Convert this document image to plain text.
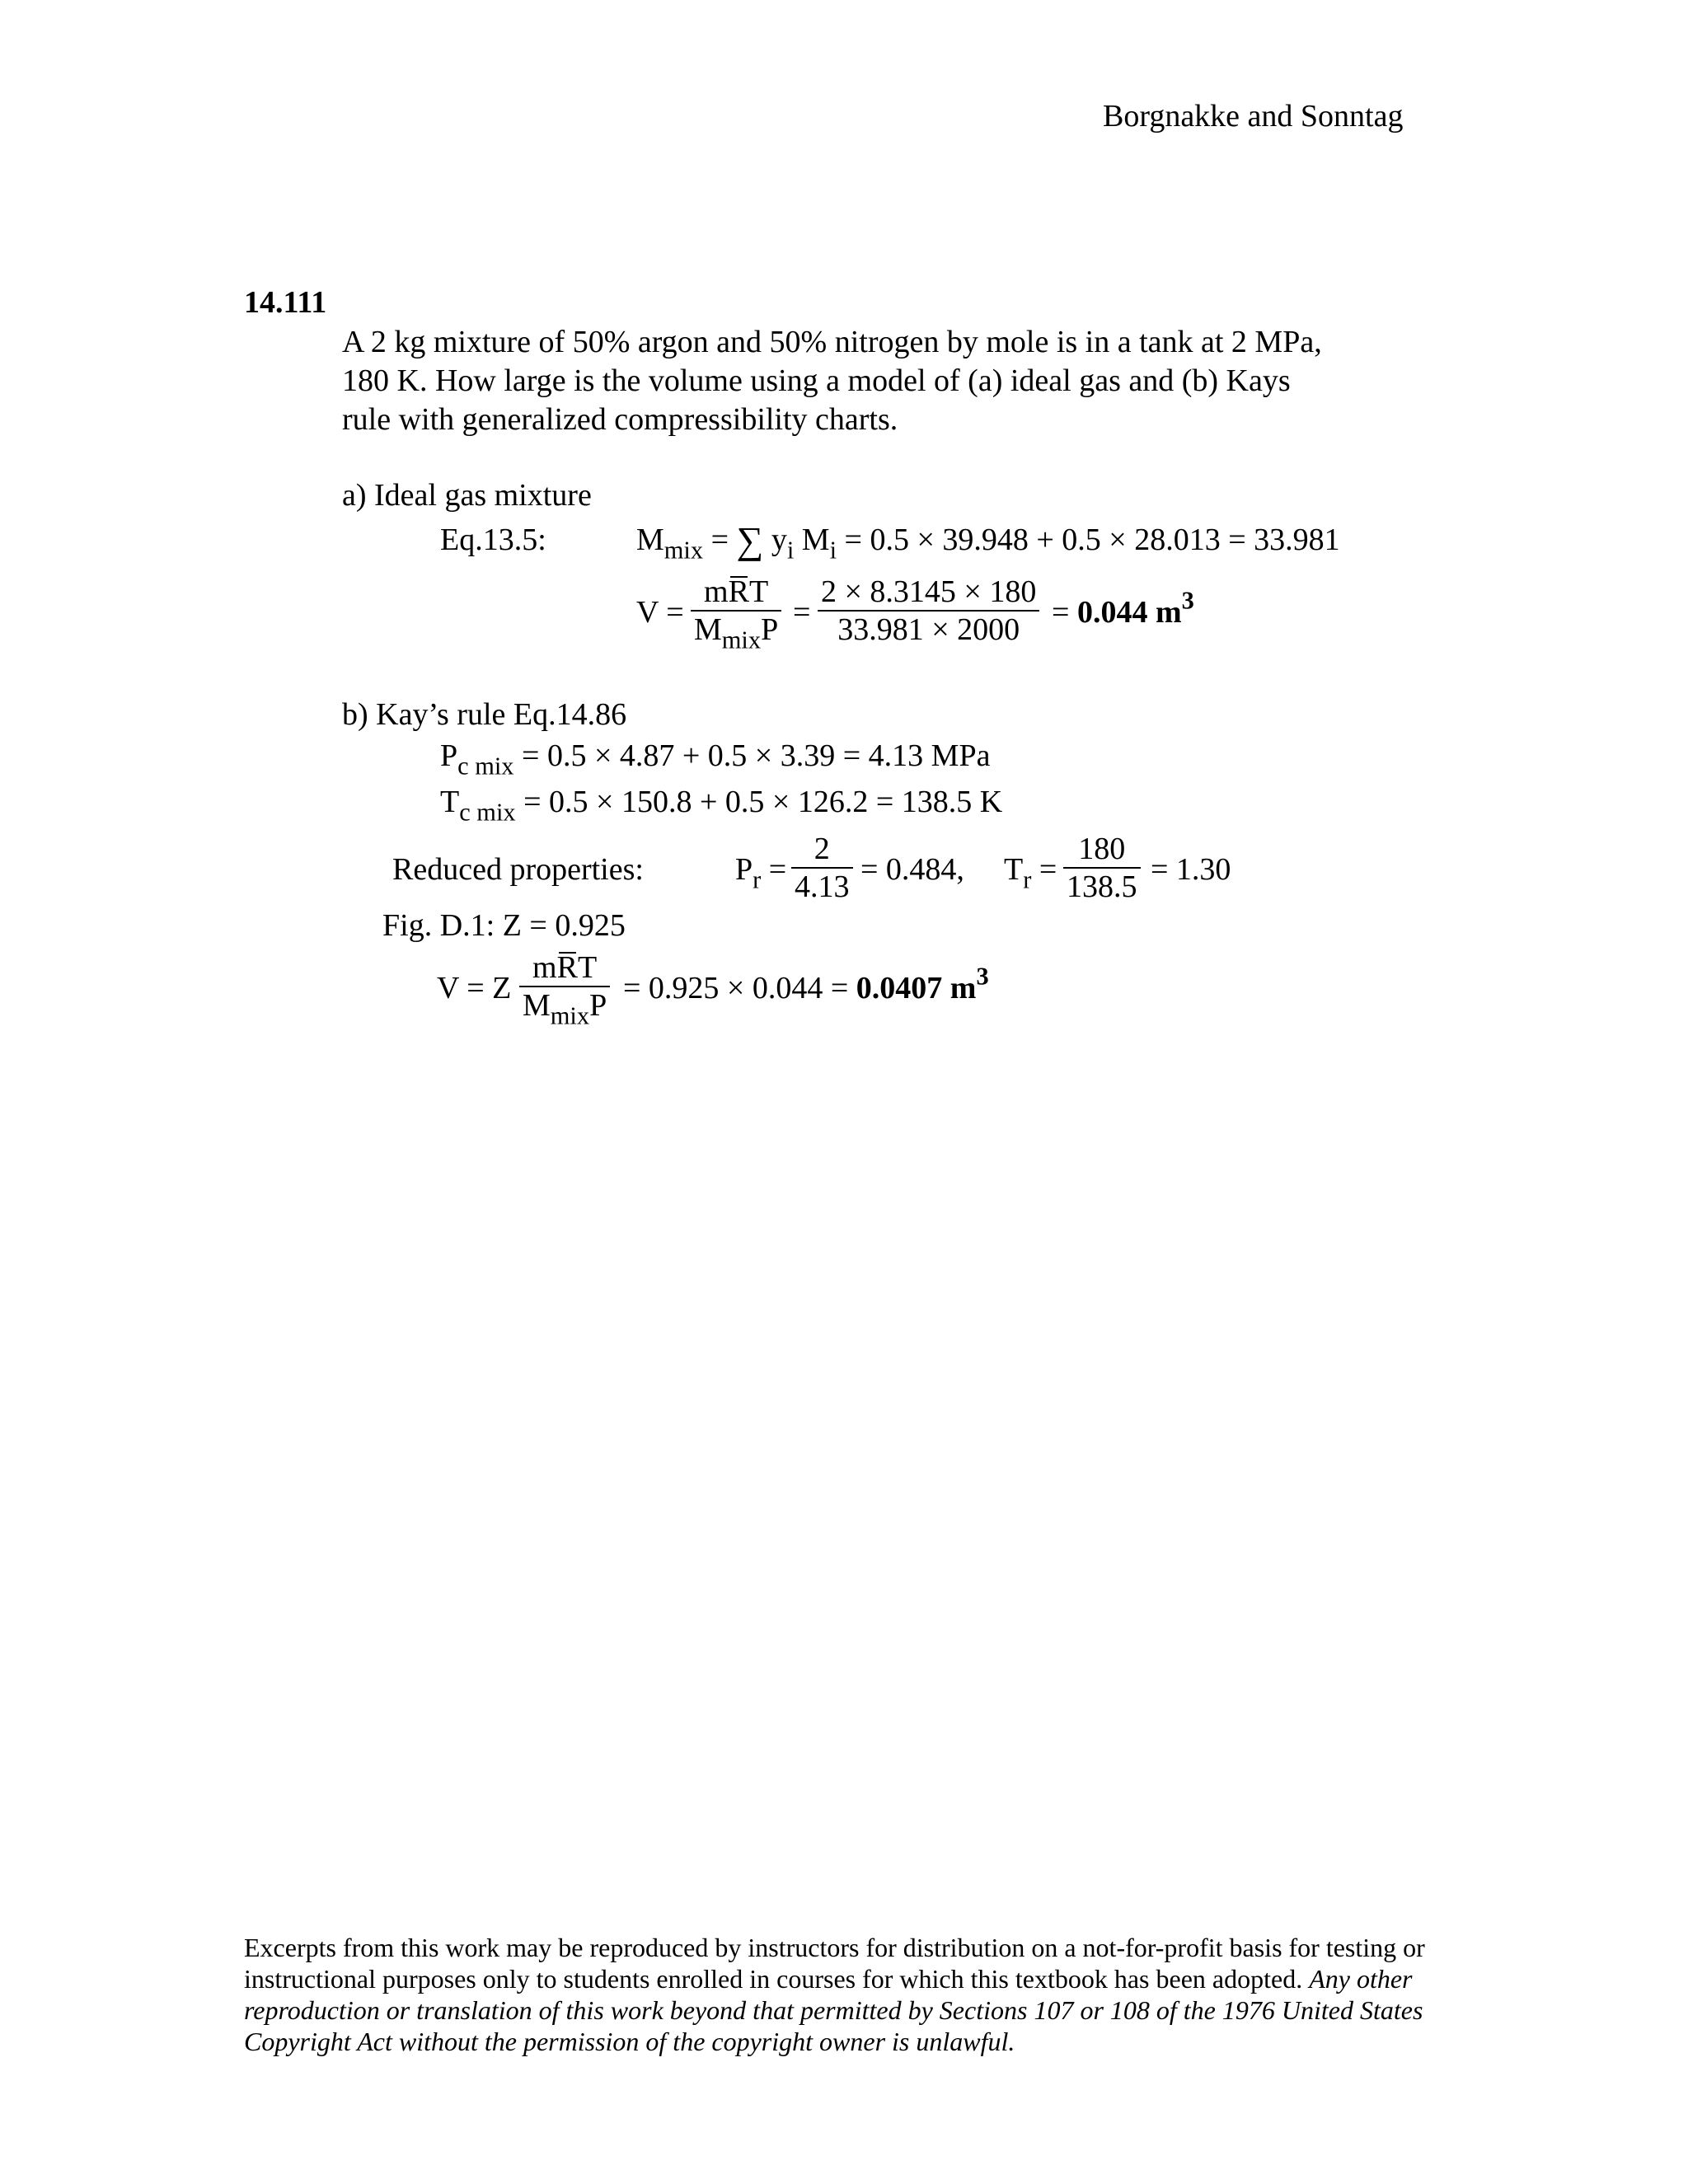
Borgnakke and Sonntag
14.111
A 2 kg mixture of 50% argon and 50% nitrogen by mole is in a tank at 2 MPa,
180 K. How large is the volume using a model of (a) ideal gas and (b) Kays
rule with generalized compressibility charts.
a) Ideal gas mixture
Eq.13.5:	$M_{mix}$ = ∑ $y_i$ $M_i = 0.5 \times 39.948 + 0.5 \times 28.013 = 33.981$
V =
mRT
$M_{mix}P = \frac{2 \times 8.3145 \times 180}{33.981 \times 2000} = 0.044$ $m^3$
b) Kay’s rule Eq.14.86
$P_{c mix} = 0.5 \times 4.87 + 0.5 \times 3.39 = 4.13$ MPa
$T_{c mix} = 0.5 \times 150.8 + 0.5 \times 126.2 = 138.5$ K
Reduced properties:	$P_r = \frac{2}{4.13} = 0.484$, $T_r = \frac{180}{138.5} = 1.30$
Fig. D.1: Z = 0.925
V = Z
mRT
$M_{mix}P = 0.925 \times 0.044 = 0.0407$ $m^3$
Excerpts from this work may be reproduced by instructors for distribution on a not-for-profit basis for testing or instructional purposes only to students enrolled in courses for which this textbook has been adopted. Any other reproduction or translation of this work beyond that permitted by Sections 107 or 108 of the 1976 United States Copyright Act without the permission of the copyright owner is unlawful.
